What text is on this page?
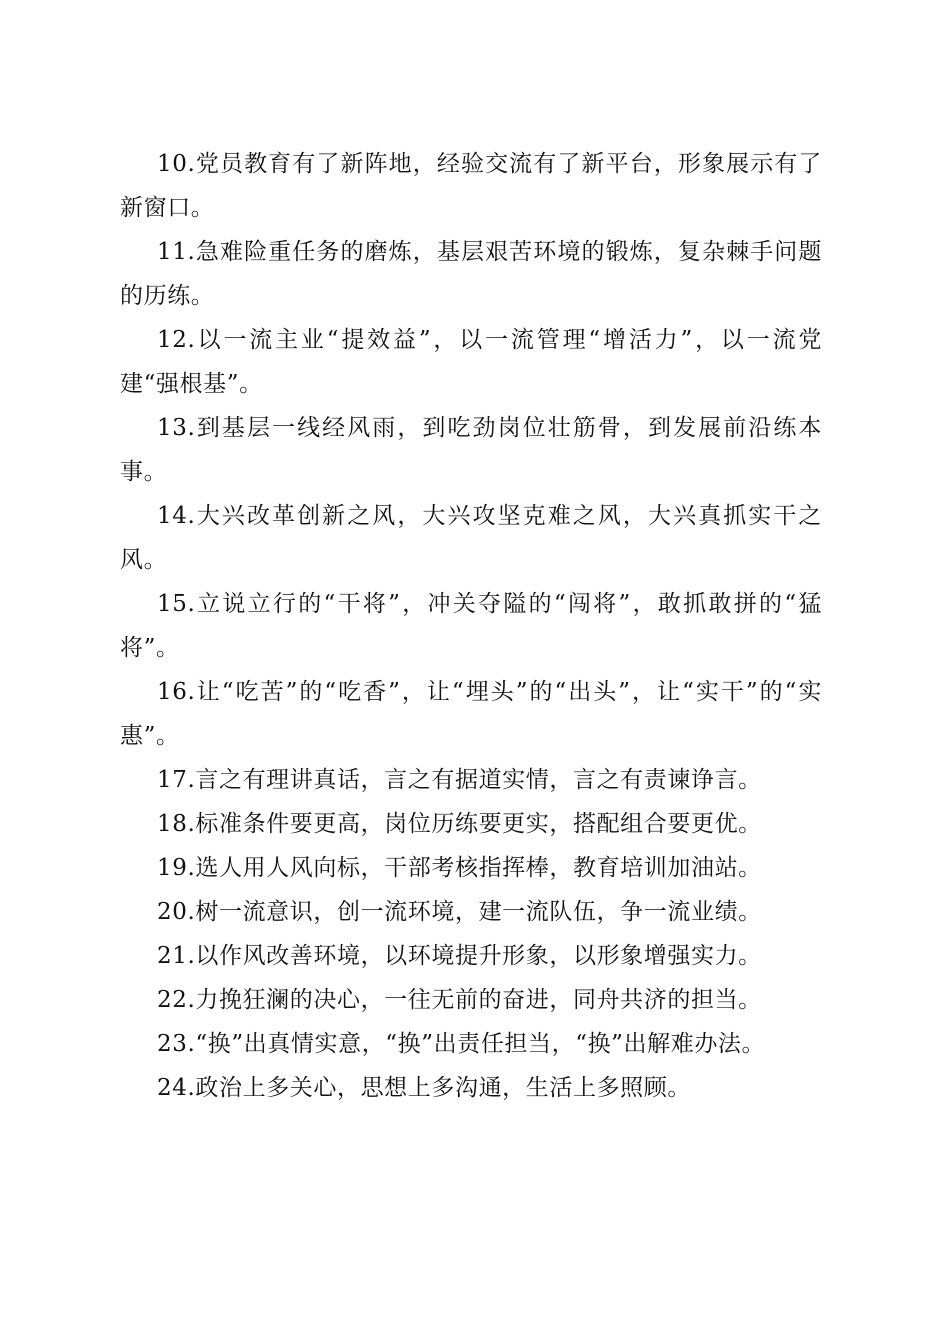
10.党员教育有了新阵地，经验交流有了新平台，形象展示有了新窗口。

11.急难险重任务的磨炼，基层艰苦环境的锻炼，复杂棘手问题的历练。

12.以一流主业“提效益”，以一流管理“增活力”，以一流党建“强根基”。

13.到基层一线经风雨，到吃劲岗位壮筋骨，到发展前沿练本事。

14.大兴改革创新之风，大兴攻坚克难之风，大兴真抓实干之风。

15.立说立行的“干将”，冲关夺隘的“闯将”，敢抓敢拼的“猛将”。

16.让“吃苦”的“吃香”，让“埋头”的“出头”，让“实干”的“实惠”。

17.言之有理讲真话，言之有据道实情，言之有责谏诤言。

18.标准条件要更高，岗位历练要更实，搭配组合要更优。

19.选人用人风向标，干部考核指挥棒，教育培训加油站。

20.树一流意识，创一流环境，建一流队伍，争一流业绩。

21.以作风改善环境，以环境提升形象，以形象增强实力。

22.力挽狂澜的决心，一往无前的奋进，同舟共济的担当。

23.“换”出真情实意，“换”出责任担当，“换”出解难办法。

24.政治上多关心，思想上多沟通，生活上多照顾。
